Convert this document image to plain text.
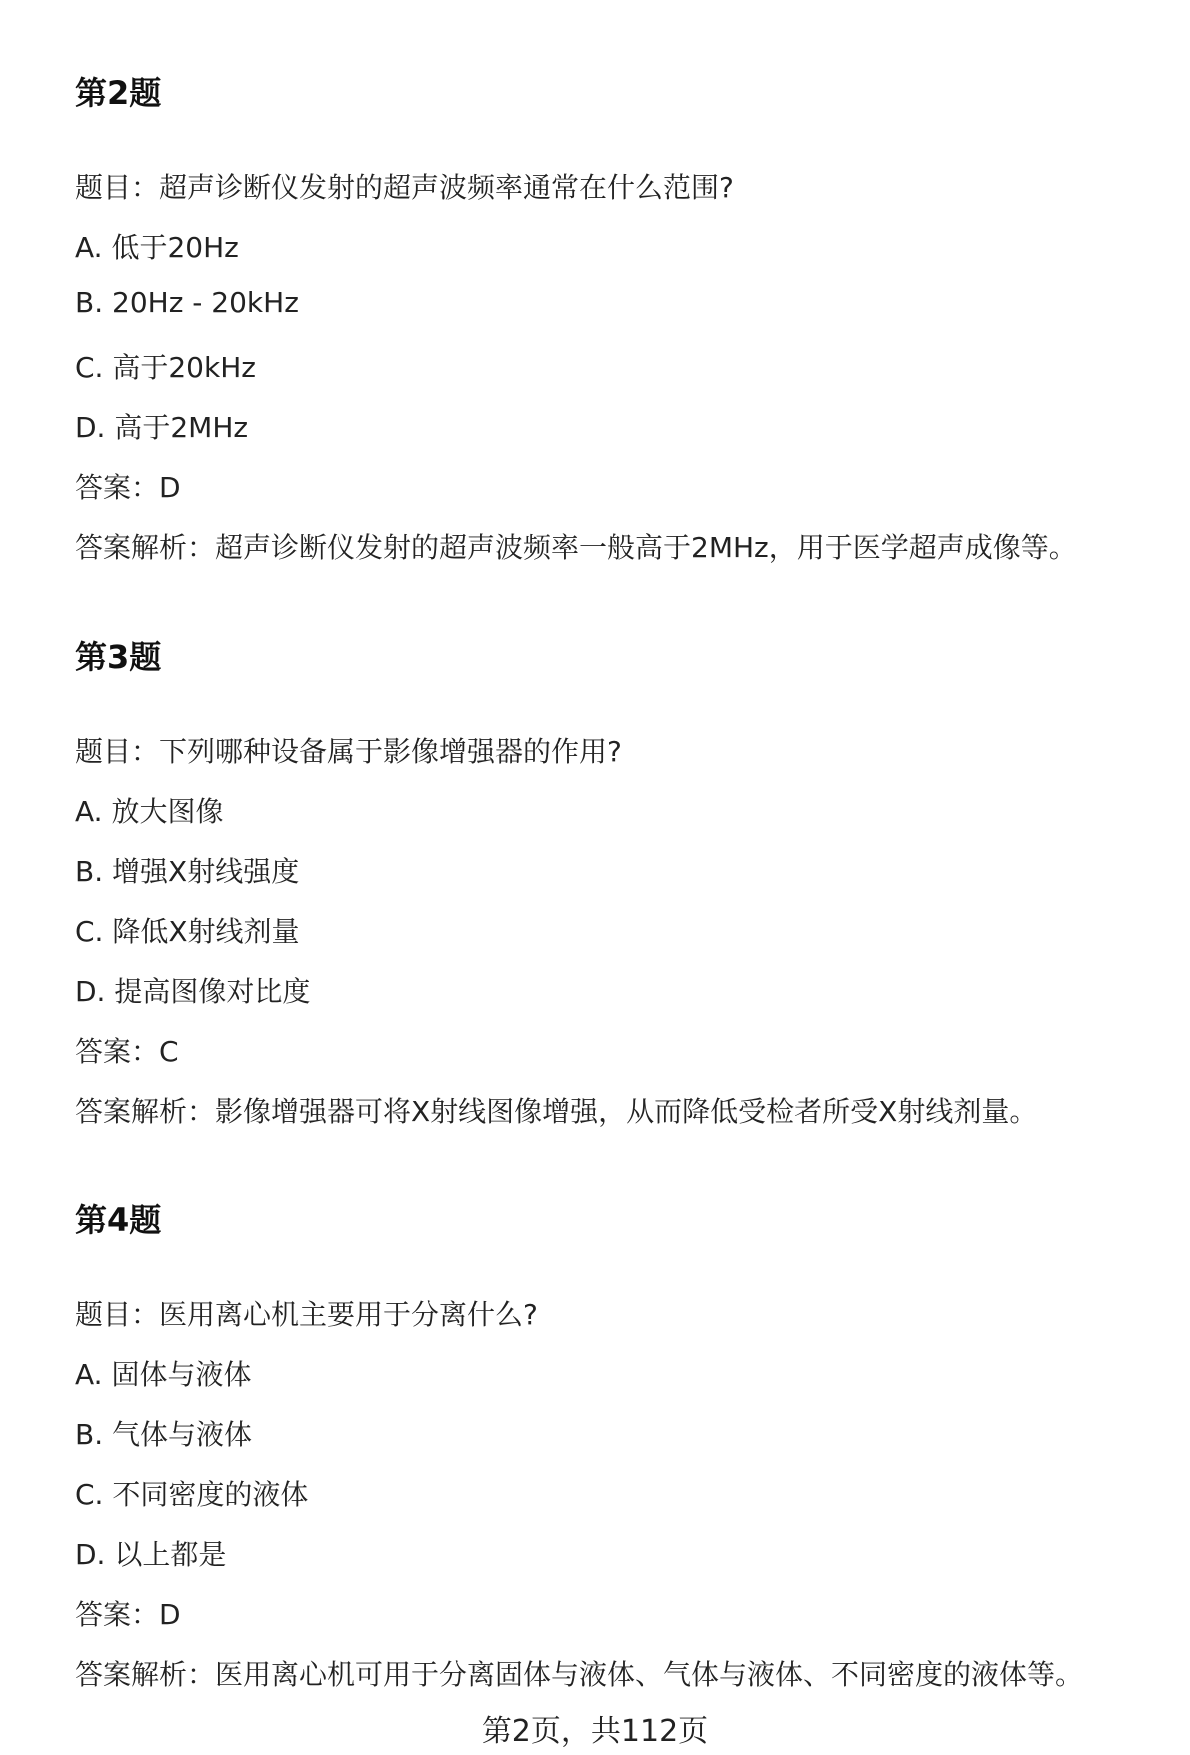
第2题
题目：超声诊断仪发射的超声波频率通常在什么范围?
A. 低于20Hz
B. 20Hz - 20kHz
C. 高于20kHz
D. 高于2MHz
答案：D
答案解析：超声诊断仪发射的超声波频率一般高于2MHz，用于医学超声成像等。
第3题
题目：下列哪种设备属于影像增强器的作用?
A. 放大图像
B. 增强X射线强度
C. 降低X射线剂量
D. 提高图像对比度
答案：C
答案解析：影像增强器可将X射线图像增强，从而降低受检者所受X射线剂量。
第4题
题目：医用离心机主要用于分离什么?
A. 固体与液体
B. 气体与液体
C. 不同密度的液体
D. 以上都是
答案：D
答案解析：医用离心机可用于分离固体与液体、气体与液体、不同密度的液体等。
第2页，共112页
